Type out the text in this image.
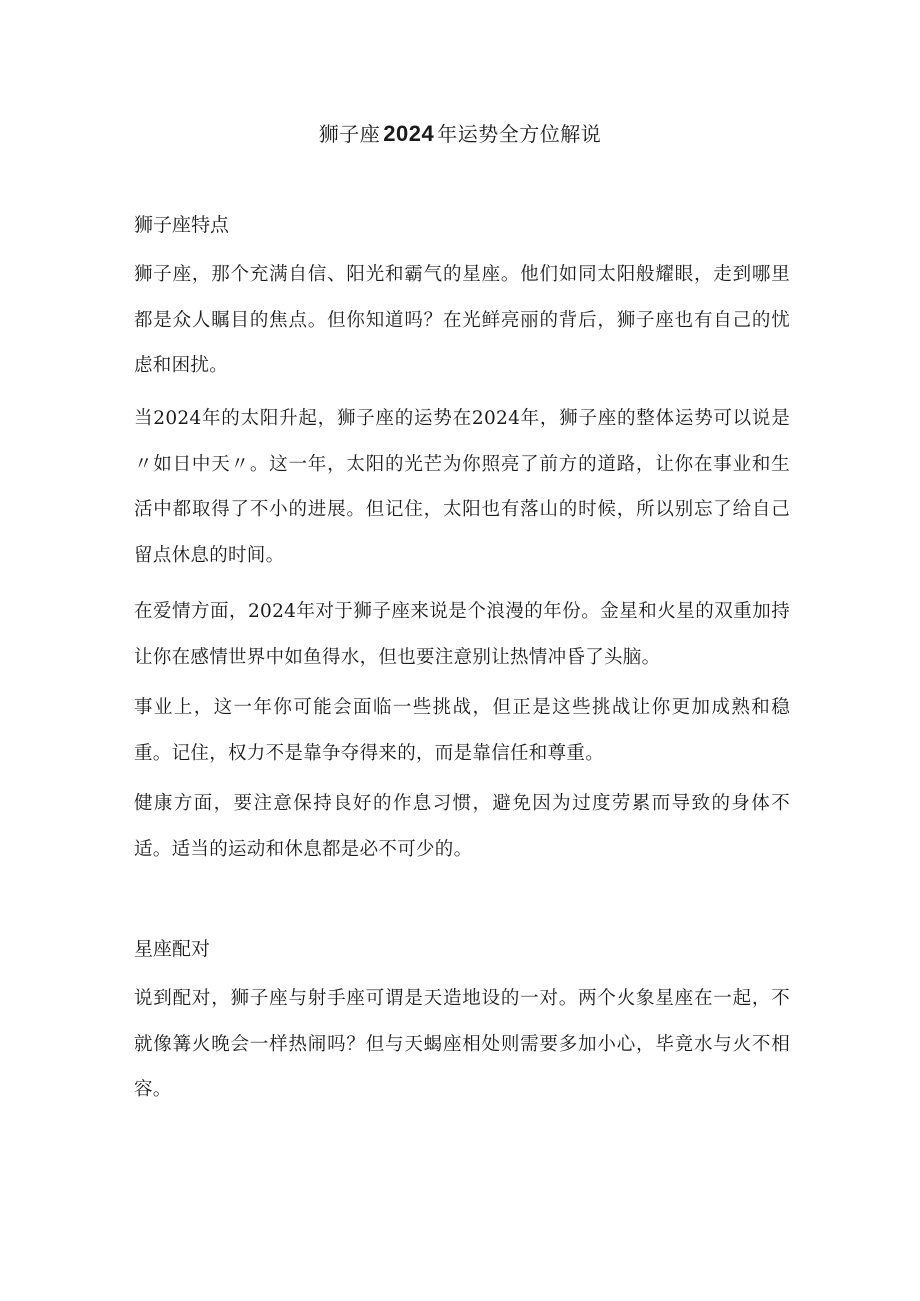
狮子座 2024 年运势全方位解说
狮子座特点

狮子座，那个充满自信、阳光和霸气的星座。他们如同太阳般耀眼，走到哪里都是众人瞩目的焦点。但你知道吗？在光鲜亮丽的背后，狮子座也有自己的忧虑和困扰。

当2024年的太阳升起，狮子座的运势在2024年，狮子座的整体运势可以说是〃如日中天〃。这一年，太阳的光芒为你照亮了前方的道路，让你在事业和生活中都取得了不小的进展。但记住，太阳也有落山的时候，所以别忘了给自己留点休息的时间。

在爱情方面，2024年对于狮子座来说是个浪漫的年份。金星和火星的双重加持让你在感情世界中如鱼得水，但也要注意别让热情冲昏了头脑。

事业上，这一年你可能会面临一些挑战，但正是这些挑战让你更加成熟和稳重。记住，权力不是靠争夺得来的，而是靠信任和尊重。

健康方面，要注意保持良好的作息习惯，避免因为过度劳累而导致的身体不适。适当的运动和休息都是必不可少的。

星座配对

说到配对，狮子座与射手座可谓是天造地设的一对。两个火象星座在一起，不就像篝火晚会一样热闹吗？但与天蝎座相处则需要多加小心，毕竟水与火不相容。
